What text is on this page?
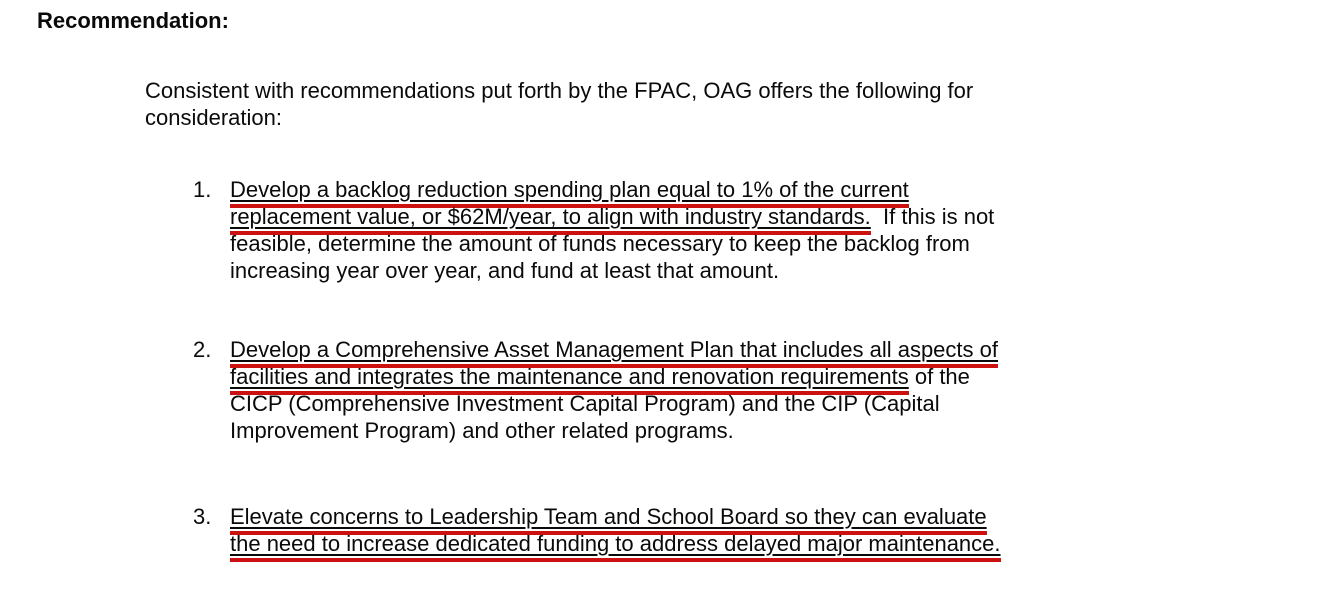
Recommendation:
Consistent with recommendations put forth by the FPAC, OAG offers the following for
consideration:
1. Develop a backlog reduction spending plan equal to 1% of the current
replacement value, or $62M/year, to align with industry standards.  If this is not
feasible, determine the amount of funds necessary to keep the backlog from
increasing year over year, and fund at least that amount.
2. Develop a Comprehensive Asset Management Plan that includes all aspects of
facilities and integrates the maintenance and renovation requirements of the
CICP (Comprehensive Investment Capital Program) and the CIP (Capital
Improvement Program) and other related programs.
3. Elevate concerns to Leadership Team and School Board so they can evaluate
the need to increase dedicated funding to address delayed major maintenance.
